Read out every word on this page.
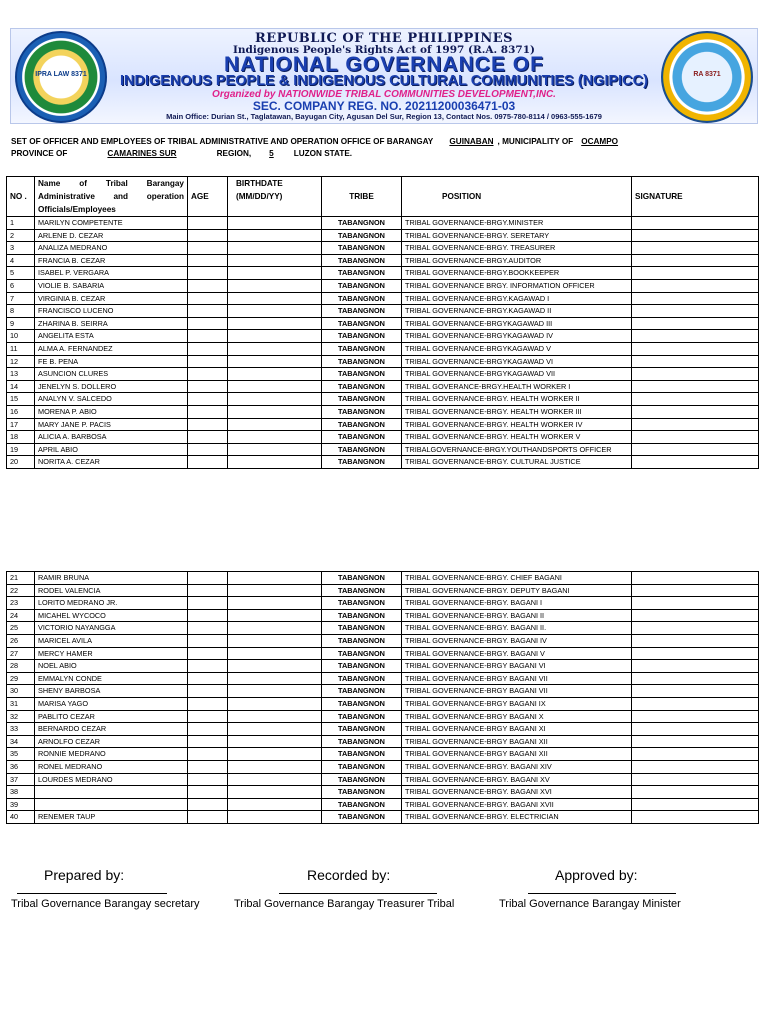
IPRA LAW 8371
REPUBLIC OF THE PHILIPPINES
Indigenous People's Rights Act of 1997 (R.A. 8371)
NATIONAL GOVERNANCE OF
INDIGENOUS PEOPLE & INDIGENOUS CULTURAL COMMUNITIES (NGIPICC)
Organized by NATIONWIDE TRIBAL COMMUNITIES DEVELOPMENT,INC.
SEC. COMPANY REG. NO. 20211200036471-03
Main Office: Durian St., Taglatawan, Bayugan City, Agusan Del Sur, Region 13, Contact Nos. 0975-780-8114 / 0963-555-1679
RA 8371
SET OF OFFICER AND EMPLOYEES OF TRIBAL ADMINISTRATIVE AND OPERATION OFFICE OF BARANGAY GUINABAN , MUNICIPALITY OF OCAMPO
PROVINCE OF	CAMARINES SUR	REGION, 5 LUZON STATE.
NO .	Name of Tribal Barangay Administrative and operation Officials/Employees	AGE	BIRTHDATE (MM/DD/YY)	TRIBE	POSITION	SIGNATURE
1	MARILYN COMPETENTE			TABANGNON	TRIBAL GOVERNANCE-BRGY.MINISTER	
2	ARLENE D. CEZAR			TABANGNON	TRIBAL GOVERNANCE-BRGY. SERETARY	
3	ANALIZA MEDRANO			TABANGNON	TRIBAL GOVERNANCE-BRGY. TREASURER	
4	FRANCIA B. CEZAR			TABANGNON	TRIBAL GOVERNANCE-BRGY.AUDITOR	
5	ISABEL P. VERGARA			TABANGNON	TRIBAL GOVERNANCE-BRGY.BOOKKEEPER	
6	VIOLIE B. SABARIA			TABANGNON	TRIBAL GOVERNANCE BRGY. INFORMATION OFFICER	
7	VIRGINIA B. CEZAR			TABANGNON	TRIBAL GOVERNANCE-BRGY.KAGAWAD I	
8	FRANCISCO LUCENO			TABANGNON	TRIBAL GOVERNANCE-BRGY.KAGAWAD II	
9	ZHARINA B. SEIRRA			TABANGNON	TRIBAL GOVERNANCE-BRGYKAGAWAD III	
10	ANGELITA ESTA			TABANGNON	TRIBAL GOVERNANCE-BRGYKAGAWAD IV	
11	ALMA A. FERNANDEZ			TABANGNON	TRIBAL GOVERNANCE-BRGYKAGAWAD V	
12	FE B. PENA			TABANGNON	TRIBAL GOVERNANCE-BRGYKAGAWAD VI	
13	ASUNCION CLURES			TABANGNON	TRIBAL GOVERNANCE-BRGYKAGAWAD VII	
14	JENELYN S. DOLLERO			TABANGNON	TRIBAL GOVERANCE-BRGY.HEALTH WORKER I	
15	ANALYN V. SALCEDO			TABANGNON	TRIBAL GOVERNANCE-BRGY. HEALTH WORKER II	
16	MORENA P. ABIO			TABANGNON	TRIBAL GOVERNANCE-BRGY. HEALTH WORKER III	
17	MARY JANE P. PACIS			TABANGNON	TRIBAL GOVERNANCE-BRGY. HEALTH WORKER IV	
18	ALICIA A. BARBOSA			TABANGNON	TRIBAL GOVERNANCE-BRGY. HEALTH WORKER V	
19	APRIL ABIO			TABANGNON	TRIBALGOVERNANCE-BRGY.YOUTHANDSPORTS OFFICER	
20	NORITA A. CEZAR			TABANGNON	TRIBAL GOVERNANCE-BRGY. CULTURAL JUSTICE	
21	RAMIR BRUNA			TABANGNON	TRIBAL GOVERNANCE-BRGY. CHIEF BAGANI	
22	RODEL VALENCIA			TABANGNON	TRIBAL GOVERNANCE-BRGY. DEPUTY BAGANI	
23	LORITO MEDRANO JR.			TABANGNON	TRIBAL GOVERNANCE-BRGY. BAGANI I	
24	MICAHEL WYCOCO			TABANGNON	TRIBAL GOVERNANCE-BRGY. BAGANI II	
25	VICTORIO NAYANGGA			TABANGNON	TRIBAL GOVERNANCE-BRGY. BAGANI II.	
26	MARICEL AVILA			TABANGNON	TRIBAL GOVERNANCE-BRGY. BAGANI IV	
27	MERCY HAMER			TABANGNON	TRIBAL GOVERNANCE-BRGY. BAGANI V	
28	NOEL ABIO			TABANGNON	TRIBAL GOVERNANCE-BRGY BAGANI VI	
29	EMMALYN CONDE			TABANGNON	TRIBAL GOVERNANCE-BRGY BAGANI VII	
30	SHENY BARBOSA			TABANGNON	TRIBAL GOVERNANCE-BRGY BAGANI VII	
31	MARISA YAGO			TABANGNON	TRIBAL GOVERNANCE-BRGY BAGANI IX	
32	PABLITO CEZAR			TABANGNON	TRIBAL GOVERNANCE-BRGY BAGANI X	
33	BERNARDO CEZAR			TABANGNON	TRIBAL GOVERNANCE-BRGY BAGANI XI	
34	ARNOLFO CEZAR			TABANGNON	TRIBAL GOVERNANCE-BRGY BAGANI XII	
35	RONNIE MEDRANO			TABANGNON	TRIBAL GOVERNANCE-BRGY BAGANI XII	
36	RONEL MEDRANO			TABANGNON	TRIBAL GOVERNANCE-BRGY. BAGANI XIV	
37	LOURDES MEDRANO			TABANGNON	TRIBAL GOVERNANCE-BRGY. BAGANI XV	
38				TABANGNON	TRIBAL GOVERNANCE-BRGY. BAGANI XVI	
39				TABANGNON	TRIBAL GOVERNANCE-BRGY. BAGANI XVII	
40	RENEMER TAUP			TABANGNON	TRIBAL GOVERNANCE-BRGY. ELECTRICIAN	
Prepared by:
Tribal Governance Barangay secretary
Recorded by:
Tribal Governance Barangay Treasurer Tribal
Approved by:
Tribal Governance Barangay Minister
